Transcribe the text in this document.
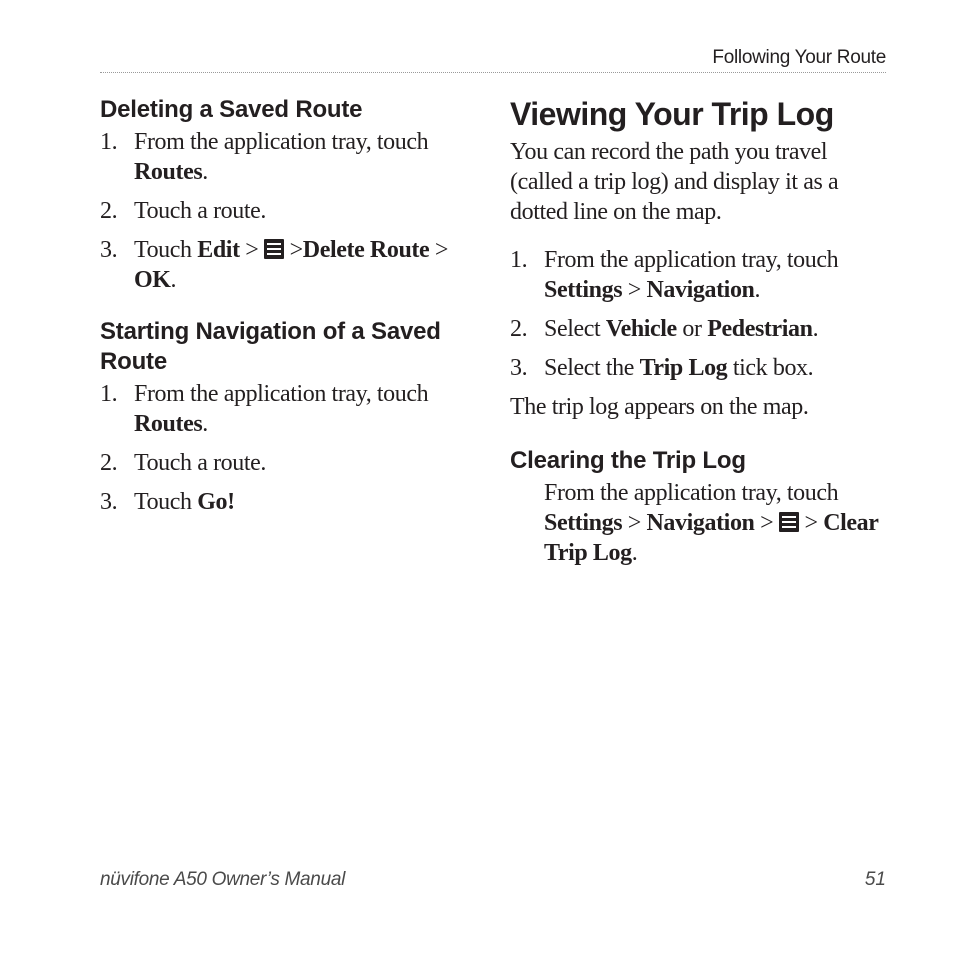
Following Your Route
Deleting a Saved Route
1. From the application tray, touch Routes.
2. Touch a route.
3. Touch Edit >  >Delete Route > OK.
Starting Navigation of a Saved Route
1. From the application tray, touch Routes.
2. Touch a route.
3. Touch Go!
Viewing Your Trip Log

You can record the path you travel (called a trip log) and display it as a dotted line on the map.

1. From the application tray, touch Settings > Navigation.
2. Select Vehicle or Pedestrian.
3. Select the Trip Log tick box.

The trip log appears on the map.

Clearing the Trip Log

From the application tray, touch Settings > Navigation >  > Clear Trip Log.

nüvifone A50 Owner’s Manual	51
